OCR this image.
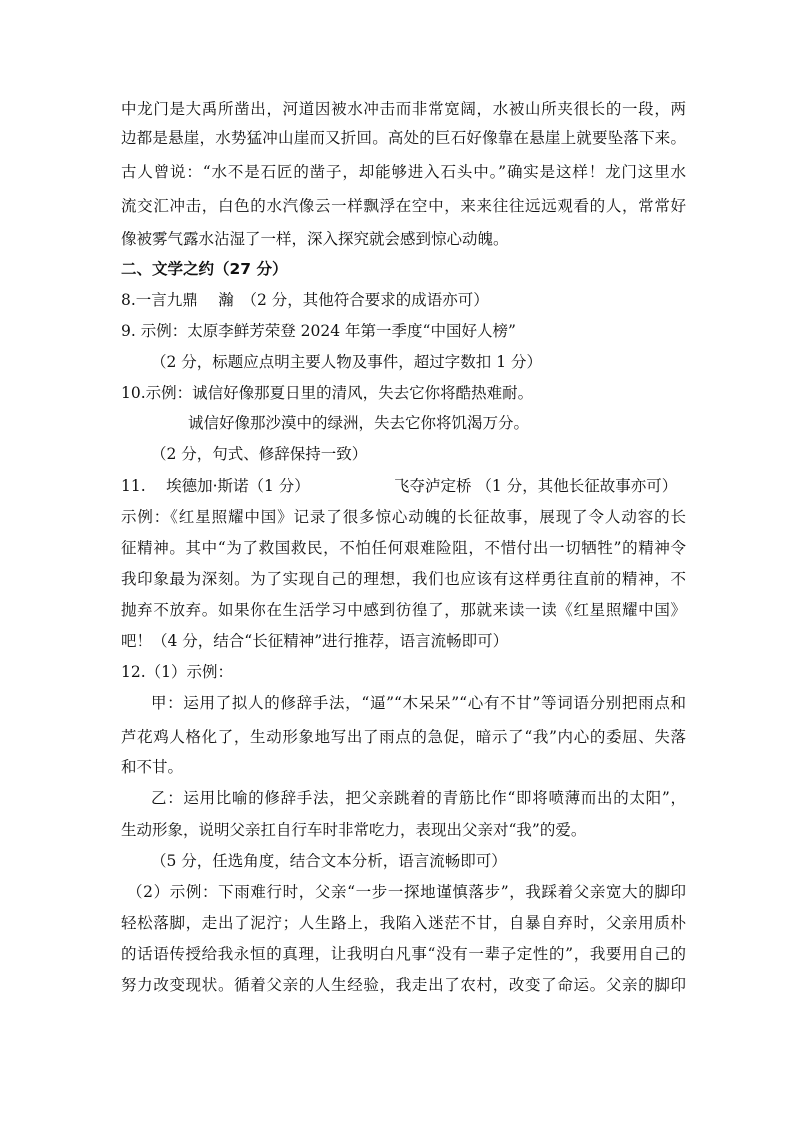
中龙门是大禹所凿出，河道因被水冲击而非常宽阔，水被山所夹很长的一段，两
边都是悬崖，水势猛冲山崖而又折回。高处的巨石好像靠在悬崖上就要坠落下来。
古人曾说：“水不是石匠的凿子，却能够进入石头中。”确实是这样！龙门这里水
流交汇冲击，白色的水汽像云一样飘浮在空中，来来往往远远观看的人，常常好
像被雾气露水沾湿了一样，深入探究就会感到惊心动魄。
二、文学之约（27 分）
8.一言九鼎　 瀚　（2 分，其他符合要求的成语亦可）
9. 示例：太原李鲜芳荣登 2024 年第一季度“中国好人榜”
（2 分，标题应点明主要人物及事件，超过字数扣 1 分）
10.示例：诚信好像那夏日里的清风，失去它你将酷热难耐。
诚信好像那沙漠中的绿洲，失去它你将饥渴万分。
（2 分，句式、修辞保持一致）
11.　 埃德加·斯诺（1 分）	飞夺泸定桥 （1 分，其他长征故事亦可）
示例：《红星照耀中国》记录了很多惊心动魄的长征故事，展现了令人动容的长
征精神。其中“为了救国救民，不怕任何艰难险阻，不惜付出一切牺牲”的精神令
我印象最为深刻。为了实现自己的理想，我们也应该有这样勇往直前的精神，不
抛弃不放弃。如果你在生活学习中感到彷徨了，那就来读一读《红星照耀中国》
吧！（4 分，结合“长征精神”进行推荐，语言流畅即可）
12.（1）示例：
甲：运用了拟人的修辞手法，“逼”“木呆呆”“心有不甘”等词语分别把雨点和
芦花鸡人格化了，生动形象地写出了雨点的急促，暗示了“我”内心的委屈、失落
和不甘。
乙：运用比喻的修辞手法，把父亲跳着的青筋比作“即将喷薄而出的太阳”，
生动形象，说明父亲扛自行车时非常吃力，表现出父亲对“我”的爱。
（5 分，任选角度，结合文本分析，语言流畅即可）
（2）示例：下雨难行时，父亲“一步一探地谨慎落步”，我踩着父亲宽大的脚印
轻松落脚，走出了泥泞；人生路上，我陷入迷茫不甘，自暴自弃时，父亲用质朴
的话语传授给我永恒的真理，让我明白凡事“没有一辈子定性的”，我要用自己的
努力改变现状。循着父亲的人生经验，我走出了农村，改变了命运。父亲的脚印
